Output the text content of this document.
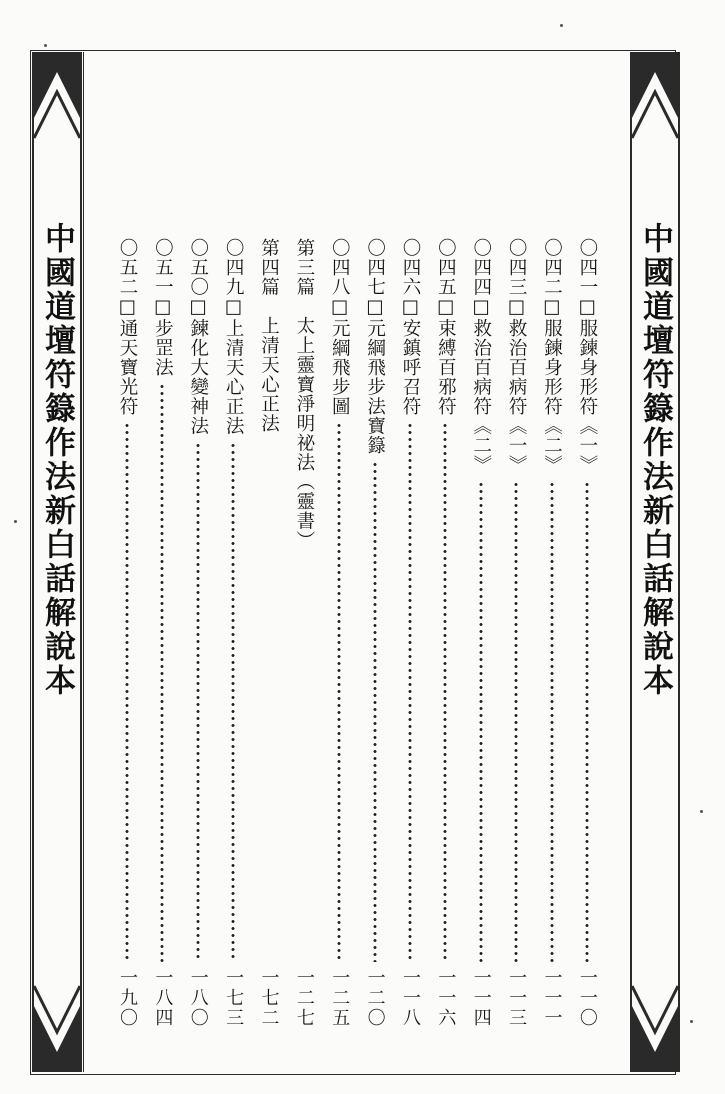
中國道壇符籙作法新白話解說本	中國道壇符籙作法新白話解說本
〇四一□服鍊身形符《一》
一一〇
〇四二□服鍊身形符《二》
一一一
〇四三□救治百病符《一》
一一三
〇四四□救治百病符《二》
一一四
〇四五□束縛百邪符
一一六
〇四六□安鎮呼召符
一一八
〇四七□元綱飛步法寶籙
一二〇
〇四八□元綱飛步圖
一二五
第三篇　太上靈寶淨明祕法（靈書）
一二七
第四篇　上清天心正法
一七二
〇四九□上清天心正法
一七三
〇五〇□鍊化大變神法
一八〇
〇五一□步罡法
一八四
〇五二□通天寶光符
一九〇
